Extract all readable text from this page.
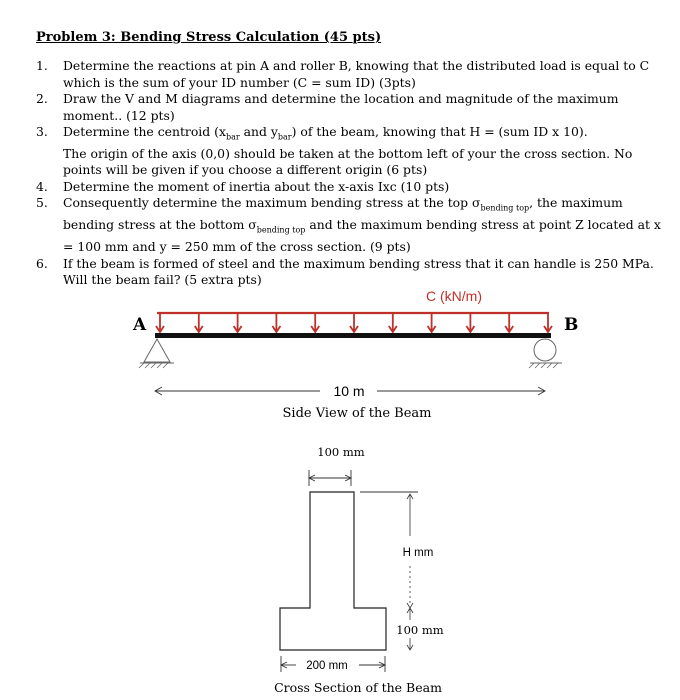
Problem 3: Bending Stress Calculation (45 pts)
1.	Determine the reactions at pin A and roller B, knowing that the distributed load is equal to C which is the sum of your ID number (C = sum ID) (3pts)
2.	Draw the V and M diagrams and determine the location and magnitude of the maximum moment.. (12 pts)
3.	Determine the centroid ($x_{bar}$ and $y_{bar}$) of the beam, knowing that H = (sum ID x 10).
The origin of the axis (0,0) should be taken at the bottom left of your the cross section. No points will be given if you choose a different origin (6 pts)
4.	Determine the moment of inertia about the x-axis Ixc (10 pts)
5.	Consequently determine the maximum bending stress at the top $\sigma_{bending top}$, the maximum bending stress at the bottom $\sigma_{bending top}$ and the maximum bending stress at point Z located at x = 100 mm and y = 250 mm of the cross section. (9 pts)
6.	If the beam is formed of steel and the maximum bending stress that it can handle is 250 MPa. Will the beam fail? (5 extra pts)
C (kN/m)
A	B
10 m
Side View of the Beam
100 mm
H mm
100 mm
200 mm
Cross Section of the Beam
